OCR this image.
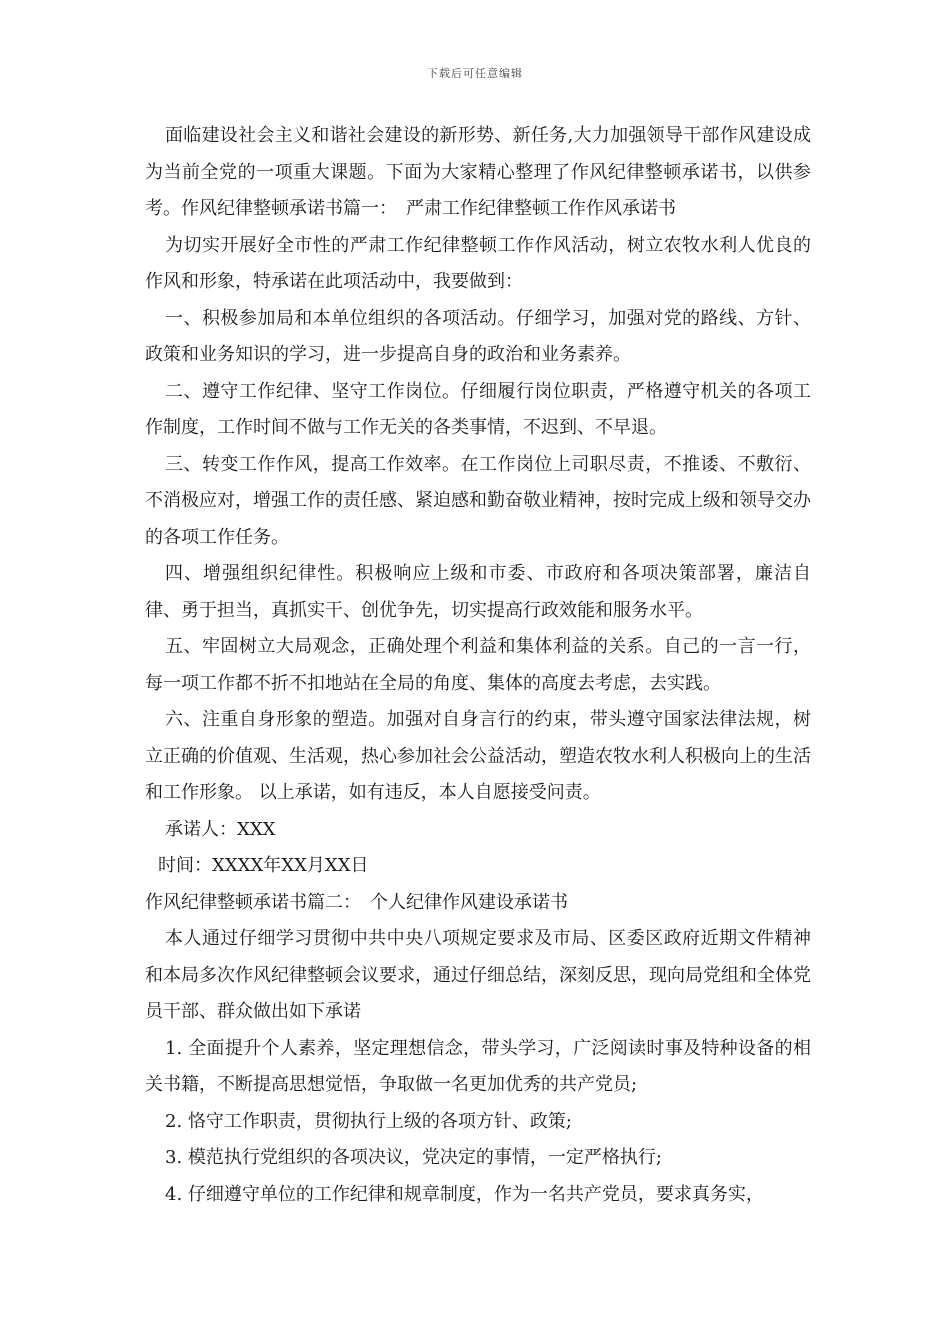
下载后可任意编辑

面临建设社会主义和谐社会建设的新形势、新任务,大力加强领导干部作风建设成为当前全党的一项重大课题。下面为大家精心整理了作风纪律整顿承诺书，以供参考。作风纪律整顿承诺书篇一：　严肃工作纪律整顿工作作风承诺书

为切实开展好全市性的严肃工作纪律整顿工作作风活动，树立农牧水利人优良的作风和形象，特承诺在此项活动中，我要做到：

一、积极参加局和本单位组织的各项活动。仔细学习，加强对党的路线、方针、政策和业务知识的学习，进一步提高自身的政治和业务素养。

二、遵守工作纪律、坚守工作岗位。仔细履行岗位职责，严格遵守机关的各项工作制度，工作时间不做与工作无关的各类事情，不迟到、不早退。

三、转变工作作风，提高工作效率。在工作岗位上司职尽责，不推诿、不敷衍、不消极应对，增强工作的责任感、紧迫感和勤奋敬业精神，按时完成上级和领导交办的各项工作任务。

四、增强组织纪律性。积极响应上级和市委、市政府和各项决策部署，廉洁自律、勇于担当，真抓实干、创优争先，切实提高行政效能和服务水平。

五、牢固树立大局观念，正确处理个利益和集体利益的关系。自己的一言一行，每一项工作都不折不扣地站在全局的角度、集体的高度去考虑，去实践。

六、注重自身形象的塑造。加强对自身言行的约束，带头遵守国家法律法规，树立正确的价值观、生活观，热心参加社会公益活动，塑造农牧水利人积极向上的生活和工作形象。 以上承诺，如有违反，本人自愿接受问责。

承诺人：XXX

时间：XXXX年XX月XX日

作风纪律整顿承诺书篇二：　个人纪律作风建设承诺书

本人通过仔细学习贯彻中共中央八项规定要求及市局、区委区政府近期文件精神和本局多次作风纪律整顿会议要求，通过仔细总结，深刻反思，现向局党组和全体党员干部、群众做出如下承诺

1. 全面提升个人素养，坚定理想信念，带头学习，广泛阅读时事及特种设备的相关书籍，不断提高思想觉悟，争取做一名更加优秀的共产党员;

2. 恪守工作职责，贯彻执行上级的各项方针、政策;

3. 模范执行党组织的各项决议，党决定的事情，一定严格执行;

4. 仔细遵守单位的工作纪律和规章制度，作为一名共产党员，要求真务实，
